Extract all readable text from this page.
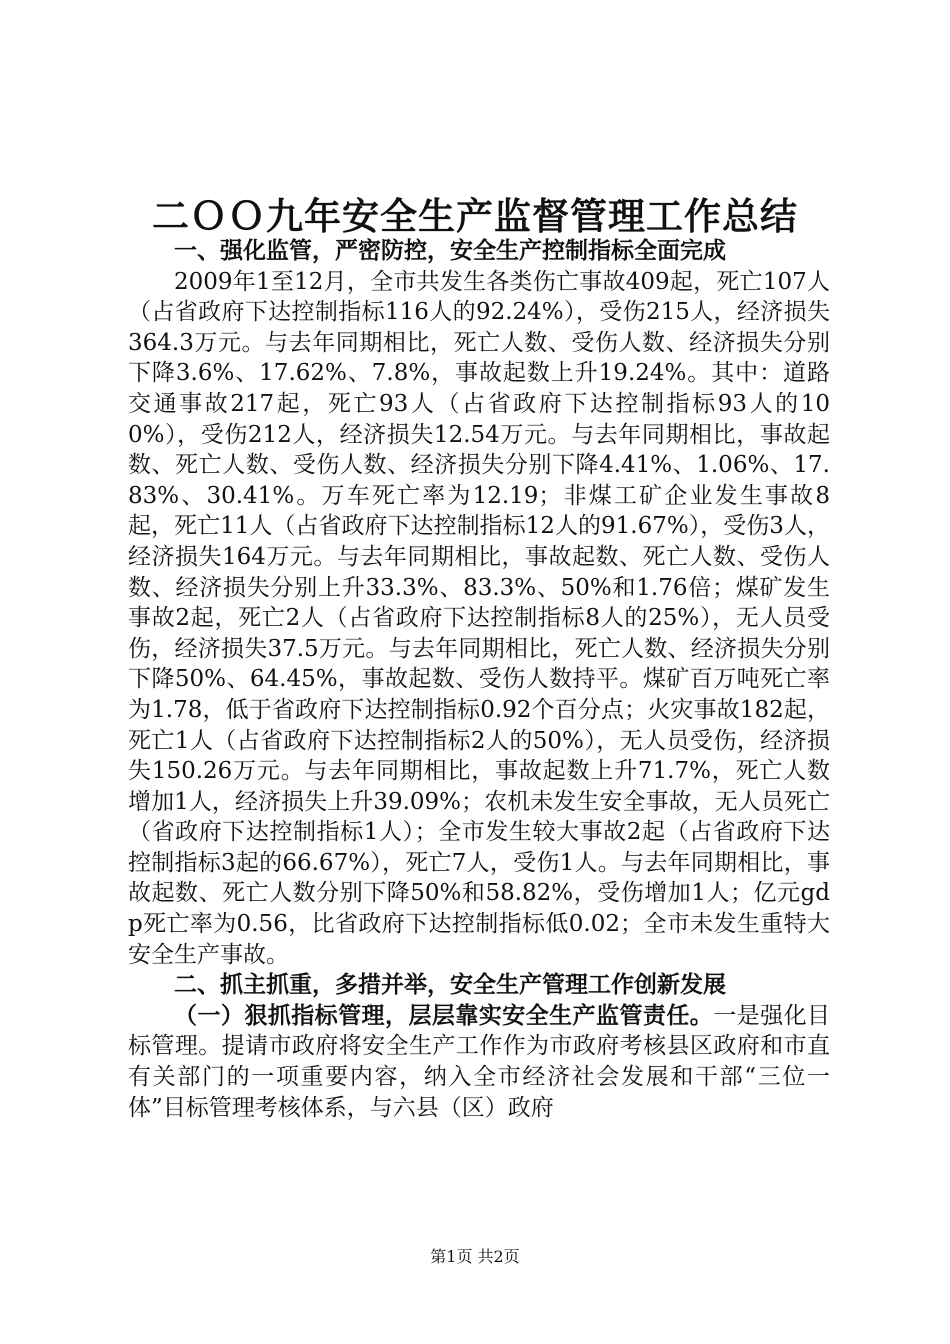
二ＯＯ九年安全生产监督管理工作总结

一、强化监管，严密防控，安全生产控制指标全面完成

2009年1至12月，全市共发生各类伤亡事故409起，死亡107人（占省政府下达控制指标116人的92.24%），受伤215人，经济损失364.3万元。与去年同期相比，死亡人数、受伤人数、经济损失分别下降3.6%、17.62%、7.8%，事故起数上升19.24%。其中：道路交通事故217起，死亡93人（占省政府下达控制指标93人的100%），受伤212人，经济损失12.54万元。与去年同期相比，事故起数、死亡人数、受伤人数、经济损失分别下降4.41%、1.06%、17.83%、30.41%。万车死亡率为12.19；非煤工矿企业发生事故8起，死亡11人（占省政府下达控制指标12人的91.67%），受伤3人，经济损失164万元。与去年同期相比，事故起数、死亡人数、受伤人数、经济损失分别上升33.3%、83.3%、50%和1.76倍；煤矿发生事故2起，死亡2人（占省政府下达控制指标8人的25%），无人员受伤，经济损失37.5万元。与去年同期相比，死亡人数、经济损失分别下降50%、64.45%，事故起数、受伤人数持平。煤矿百万吨死亡率为1.78，低于省政府下达控制指标0.92个百分点；火灾事故182起，死亡1人（占省政府下达控制指标2人的50%），无人员受伤，经济损失150.26万元。与去年同期相比，事故起数上升71.7%，死亡人数增加1人，经济损失上升39.09%；农机未发生安全事故，无人员死亡（省政府下达控制指标1人）；全市发生较大事故2起（占省政府下达控制指标3起的66.67%），死亡7人，受伤1人。与去年同期相比，事故起数、死亡人数分别下降50%和58.82%，受伤增加1人；亿元gdp死亡率为0.56，比省政府下达控制指标低0.02；全市未发生重特大安全生产事故。

二、抓主抓重，多措并举，安全生产管理工作创新发展

（一）狠抓指标管理，层层靠实安全生产监管责任。一是强化目标管理。提请市政府将安全生产工作作为市政府考核县区政府和市直有关部门的一项重要内容，纳入全市经济社会发展和干部“三位一体”目标管理考核体系，与六县（区）政府

第1页 共2页
